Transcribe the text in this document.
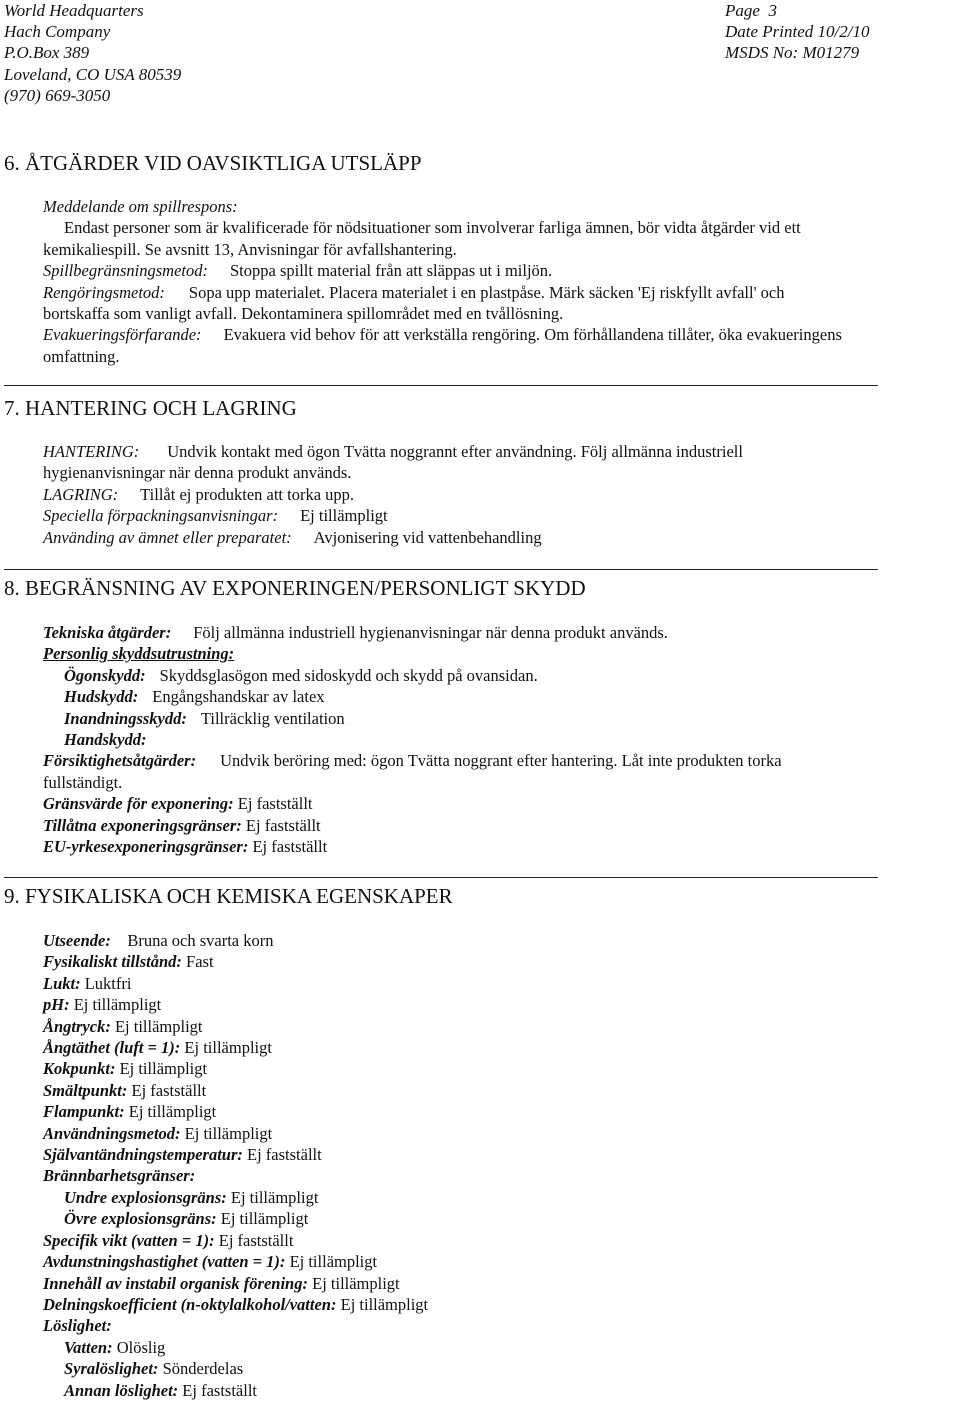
World Headquarters
Hach Company
P.O.Box 389
Loveland, CO USA 80539
(970) 669-3050
Page 3
Date Printed 10/2/10
MSDS No: M01279
6. ÅTGÄRDER VID OAVSIKTLIGA UTSLÄPP
Meddelande om spillrespons:
Endast personer som är kvalificerade för nödsituationer som involverar farliga ämnen, bör vidta åtgärder vid ett
kemikaliespill. Se avsnitt 13, Anvisningar för avfallshantering.
Spillbegränsningsmetod: Stoppa spillt material från att släppas ut i miljön.
Rengöringsmetod: Sopa upp materialet. Placera materialet i en plastpåse. Märk säcken 'Ej riskfyllt avfall' och
bortskaffa som vanligt avfall. Dekontaminera spillområdet med en tvållösning.
Evakueringsförfarande: Evakuera vid behov för att verkställa rengöring. Om förhållandena tillåter, öka evakueringens
omfattning.
7. HANTERING OCH LAGRING
HANTERING: Undvik kontakt med ögon Tvätta noggrannt efter användning. Följ allmänna industriell
hygienanvisningar när denna produkt används.
LAGRING: Tillåt ej produkten att torka upp.
Speciella förpackningsanvisningar: Ej tillämpligt
Använding av ämnet eller preparatet: Avjonisering vid vattenbehandling
8. BEGRÄNSNING AV EXPONERINGEN/PERSONLIGT SKYDD
Tekniska åtgärder: Följ allmänna industriell hygienanvisningar när denna produkt används.
Personlig skyddsutrustning:
Ögonskydd: Skyddsglasögon med sidoskydd och skydd på ovansidan.
Hudskydd: Engångshandskar av latex
Inandningsskydd: Tillräcklig ventilation
Handskydd:
Försiktighetsåtgärder: Undvik beröring med: ögon Tvätta noggrant efter hantering. Låt inte produkten torka
fullständigt.
Gränsvärde för exponering: Ej fastställt
Tillåtna exponeringsgränser: Ej fastställt
EU-yrkesexponeringsgränser: Ej fastställt
9. FYSIKALISKA OCH KEMISKA EGENSKAPER
Utseende: Bruna och svarta korn
Fysikaliskt tillstånd: Fast
Lukt: Luktfri
pH: Ej tillämpligt
Ångtryck: Ej tillämpligt
Ångtäthet (luft = 1): Ej tillämpligt
Kokpunkt: Ej tillämpligt
Smältpunkt: Ej fastställt
Flampunkt: Ej tillämpligt
Användningsmetod: Ej tillämpligt
Självantändningstemperatur: Ej fastställt
Brännbarhetsgränser:
Undre explosionsgräns: Ej tillämpligt
Övre explosionsgräns: Ej tillämpligt
Specifik vikt (vatten = 1): Ej fastställt
Avdunstningshastighet (vatten = 1): Ej tillämpligt
Innehåll av instabil organisk förening: Ej tillämpligt
Delningskoefficient (n-oktylalkohol/vatten: Ej tillämpligt
Löslighet:
Vatten: Olöslig
Syralöslighet: Sönderdelas
Annan löslighet: Ej fastställt
